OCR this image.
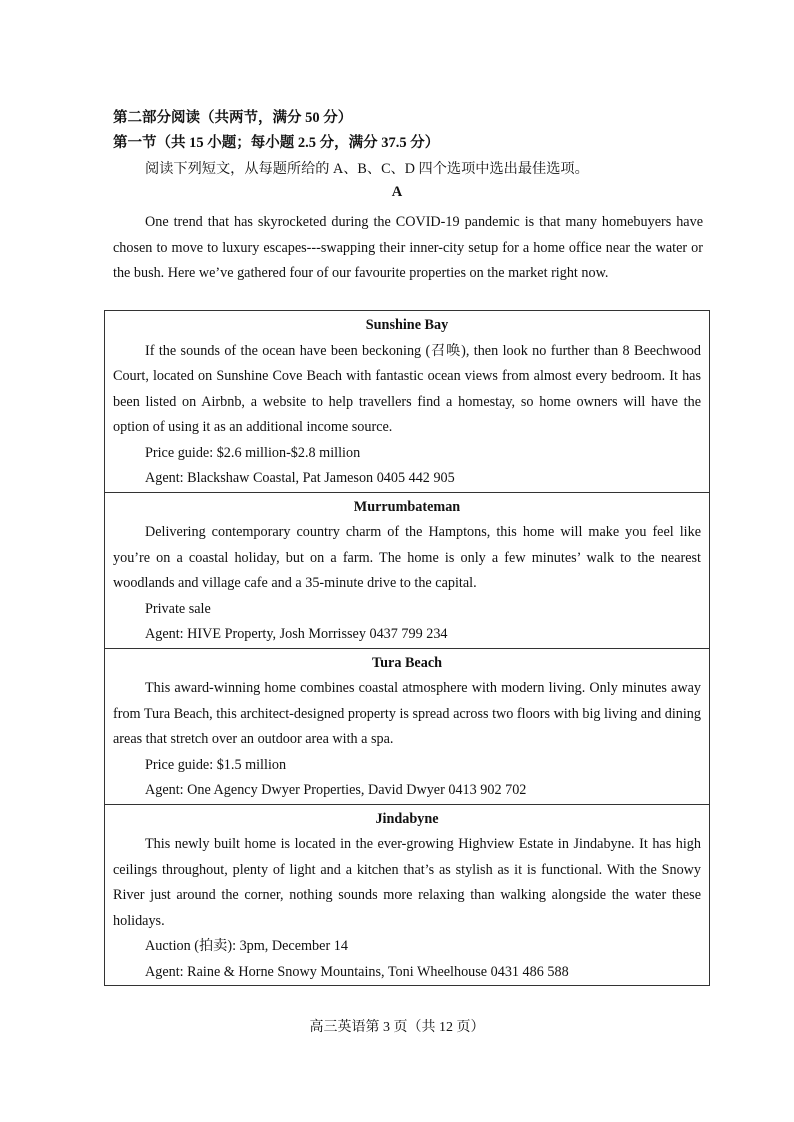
第二部分阅读（共两节，满分 50 分）
第一节（共 15 小题；每小题 2.5 分，满分 37.5 分）
阅读下列短文，从每题所给的 A、B、C、D 四个选项中选出最佳选项。
A
One trend that has skyrocketed during the COVID-19 pandemic is that many homebuyers have chosen to move to luxury escapes---swapping their inner-city setup for a home office near the water or the bush. Here we’ve gathered four of our favourite properties on the market right now.
Sunshine Bay
If the sounds of the ocean have been beckoning (召唤), then look no further than 8 Beechwood Court, located on Sunshine Cove Beach with fantastic ocean views from almost every bedroom. It has been listed on Airbnb, a website to help travellers find a homestay, so home owners will have the option of using it as an additional income source.
Price guide: $2.6 million-$2.8 million
Agent: Blackshaw Coastal, Pat Jameson 0405 442 905
Murrumbateman
Delivering contemporary country charm of the Hamptons, this home will make you feel like you’re on a coastal holiday, but on a farm. The home is only a few minutes’ walk to the nearest woodlands and village cafe and a 35-minute drive to the capital.
Private sale
Agent: HIVE Property, Josh Morrissey 0437 799 234
Tura Beach
This award-winning home combines coastal atmosphere with modern living. Only minutes away from Tura Beach, this architect-designed property is spread across two floors with big living and dining areas that stretch over an outdoor area with a spa.
Price guide: $1.5 million
Agent: One Agency Dwyer Properties, David Dwyer 0413 902 702
Jindabyne
This newly built home is located in the ever-growing Highview Estate in Jindabyne. It has high ceilings throughout, plenty of light and a kitchen that’s as stylish as it is functional. With the Snowy River just around the corner, nothing sounds more relaxing than walking alongside the water these holidays.
Auction (拍卖): 3pm, December 14
Agent: Raine & Horne Snowy Mountains, Toni Wheelhouse 0431 486 588
高三英语第 3 页（共 12 页）
